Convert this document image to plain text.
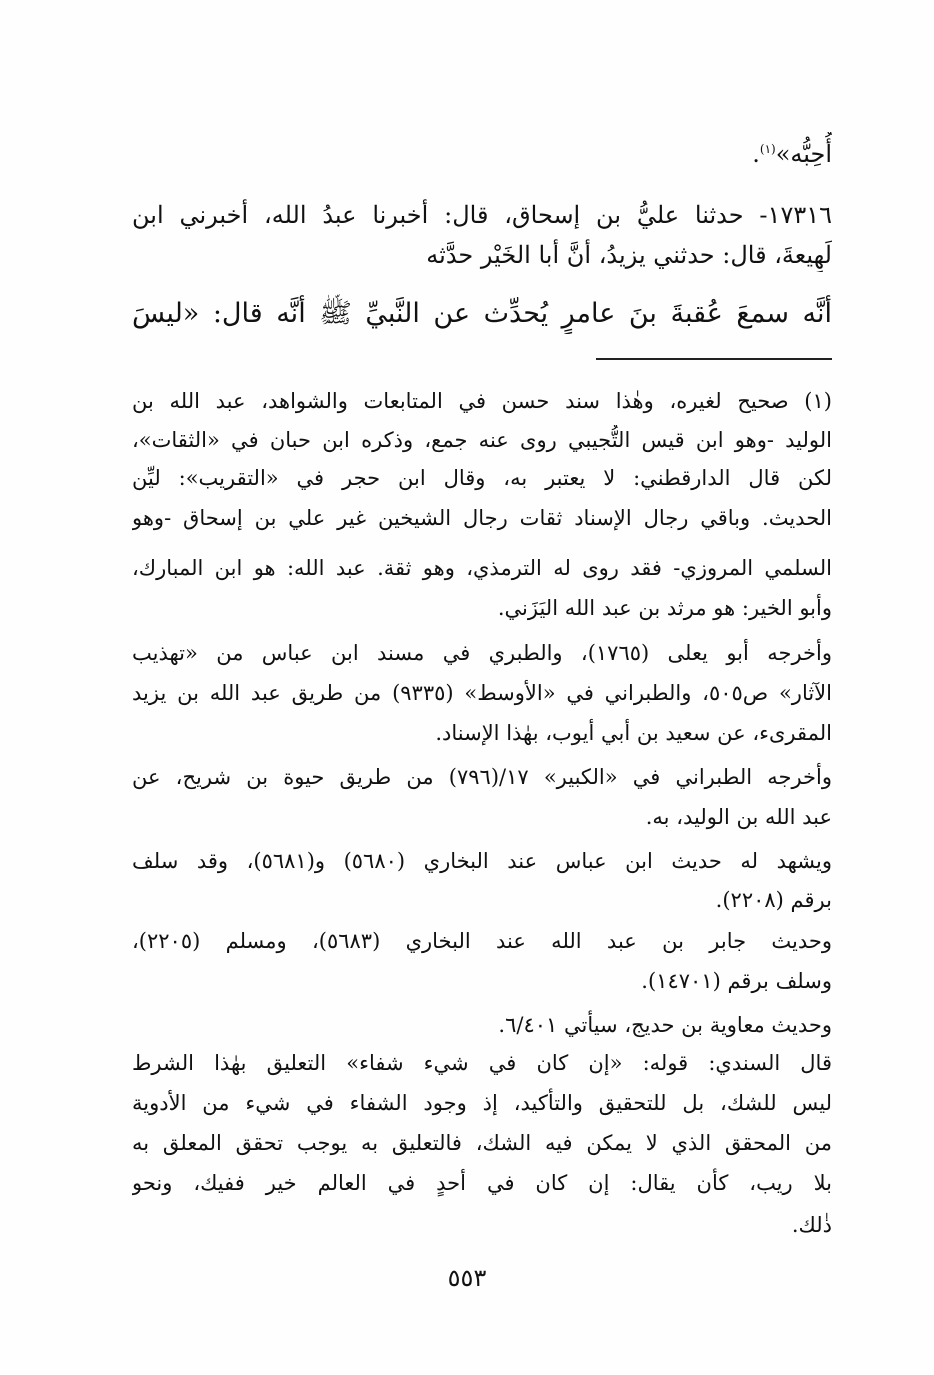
أُحِبُّه»$^{(١)}$.
١٧٣١٦- حدثنا عليُّ بن إسحاق، قال: أخبرنا عبدُ الله، أخبرني ابن
لَهِيعةَ، قال: حدثني يزيدُ، أنَّ أبا الخَيْر حدَّثه
أنَّه سمعَ عُقبةَ بنَ عامرٍ يُحدِّث عن النَّبيِّ ﷺ أنَّه قال: «ليسَ
(١) صحيح لغيره، وهٰذا سند حسن في المتابعات والشواهد، عبد الله بن
الوليد -وهو ابن قيس التُّجيبي روى عنه جمع، وذكره ابن حبان في «الثقات»،
لكن قال الدارقطني: لا يعتبر به، وقال ابن حجر في «التقريب»: ليِّن
الحديث. وباقي رجال الإسناد ثقات رجال الشيخين غير علي بن إسحاق -وهو
السلمي المروزي- فقد روى له الترمذي، وهو ثقة. عبد الله: هو ابن المبارك،
وأبو الخير: هو مرثد بن عبد الله اليَزَني.
وأخرجه أبو يعلى (١٧٦٥)، والطبري في مسند ابن عباس من «تهذيب
الآثار» ص٥٠٥، والطبراني في «الأوسط» (٩٣٣٥) من طريق عبد الله بن يزيد
المقرىء، عن سعيد بن أبي أيوب، بهٰذا الإسناد.
وأخرجه الطبراني في «الكبير» ١٧/(٧٩٦) من طريق حيوة بن شريح، عن
عبد الله بن الوليد، به.
ويشهد له حديث ابن عباس عند البخاري (٥٦٨٠) و(٥٦٨١)، وقد سلف
برقم (٢٢٠٨).
وحديث جابر بن عبد الله عند البخاري (٥٦٨٣)، ومسلم (٢٢٠٥)،
وسلف برقم (١٤٧٠١).
وحديث معاوية بن حديج، سيأتي ٦/٤٠١.
قال السندي: قوله: «إن كان في شيء شفاء» التعليق بهٰذا الشرط
ليس للشك، بل للتحقيق والتأكيد، إذ وجود الشفاء في شيء من الأدوية
من المحقق الذي لا يمكن فيه الشك، فالتعليق به يوجب تحقق المعلق به
بلا ريب، كأن يقال: إن كان في أحدٍ في العالم خير ففيك، ونحو
ذٰلك.
٥٥٣
